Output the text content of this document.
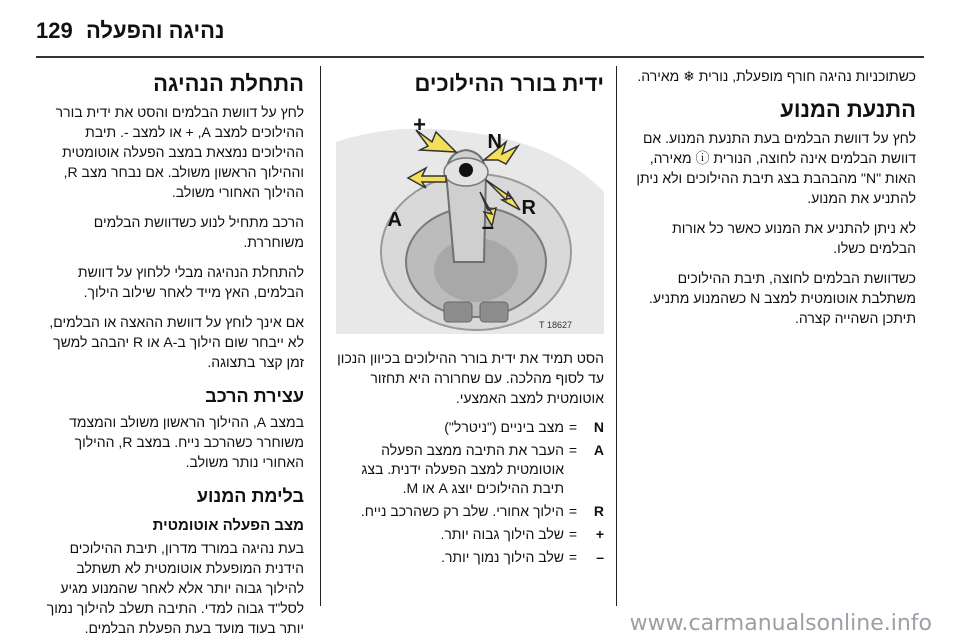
129 נהיגה והפעלה

כשתוכניות נהיגה חורף מופעלת, נורית ❄ מאירה.

התנעת המנוע

לחץ על דוושת הבלמים בעת התנעת המנוע. אם דוושת הבלמים אינה לחוצה, הנורית ⓘ מאירה, האות "N" מהבהבת בצג תיבת ההילוכים ולא ניתן להתניע את המנוע.

לא ניתן להתניע את המנוע כאשר כל אורות הבלמים כשלו.

כשדוושת הבלמים לחוצה, תיבת ההילוכים משתלבת אוטומטית למצב N כשהמנוע מתניע. תיתכן השהייה קצרה.

ידית בורר ההילוכים
+
N
A
R
–
18627 T

הסט תמיד את ידית בורר ההילוכים בכיוון הנכון עד לסוף מהלכה. עם שחרורה היא תחזור אוטומטית למצב האמצעי.

N	=	מצב ביניים ("ניטרל")
A	=	העבר את התיבה ממצב הפעלה אוטומטית למצב הפעלה ידנית. בצג תיבת ההילוכים יוצג A או M.
R	=	הילוך אחורי. שלב רק כשהרכב נייח.
+	=	שלב הילוך גבוה יותר.
–	=	שלב הילוך נמוך יותר.
התחלת הנהיגה

לחץ על דוושת הבלמים והסט את ידית בורר ההילוכים למצב A, + או למצב -. תיבת ההילוכים נמצאת במצב הפעלה אוטומטית וההילוך הראשון משולב. אם נבחר מצב R, ההילוך האחורי משולב.

הרכב מתחיל לנוע כשדוושת הבלמים משוחררת.

להתחלת הנהיגה מבלי ללחוץ על דוושת הבלמים, האץ מייד לאחר שילוב הילוך.

אם אינך לוחץ על דוושת ההאצה או הבלמים, לא ייבחר שום הילוך ב-A או R יהבהב למשך זמן קצר בתצוגה.

עצירת הרכב

במצב A, ההילוך הראשון משולב והמצמד משוחרר כשהרכב נייח. במצב R, ההילוך האחורי נותר משולב.

בלימת המנוע
מצב הפעלה אוטומטית

בעת נהיגה במורד מדרון, תיבת ההילוכים הידנית המופעלת אוטומטית לא תשתלב להילוך גבוה יותר אלא לאחר שהמנוע מגיע לסל"ד גבוה למדי. התיבה תשלב להילוך נמוך יותר בעוד מועד בעת הפעלת הבלמים.	www.carmanualsonline.info
